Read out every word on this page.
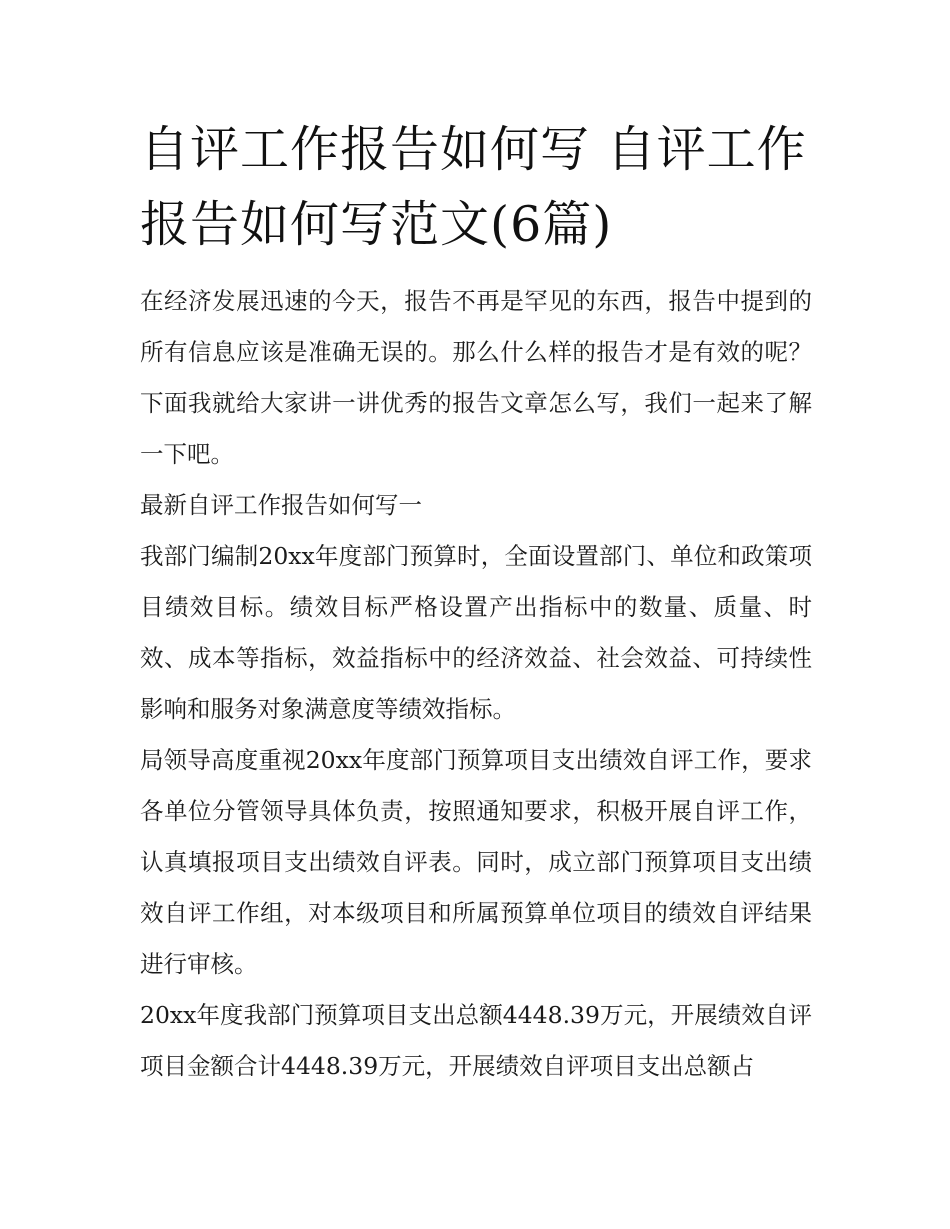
自评工作报告如何写 自评工作报告如何写范文(6篇)

在经济发展迅速的今天，报告不再是罕见的东西，报告中提到的所有信息应该是准确无误的。那么什么样的报告才是有效的呢？下面我就给大家讲一讲优秀的报告文章怎么写，我们一起来了解一下吧。

最新自评工作报告如何写一

我部门编制20xx年度部门预算时，全面设置部门、单位和政策项目绩效目标。绩效目标严格设置产出指标中的数量、质量、时效、成本等指标，效益指标中的经济效益、社会效益、可持续性影响和服务对象满意度等绩效指标。

局领导高度重视20xx年度部门预算项目支出绩效自评工作，要求各单位分管领导具体负责，按照通知要求，积极开展自评工作，认真填报项目支出绩效自评表。同时，成立部门预算项目支出绩效自评工作组，对本级项目和所属预算单位项目的绩效自评结果进行审核。

20xx年度我部门预算项目支出总额4448.39万元，开展绩效自评项目金额合计4448.39万元，开展绩效自评项目支出总额占
